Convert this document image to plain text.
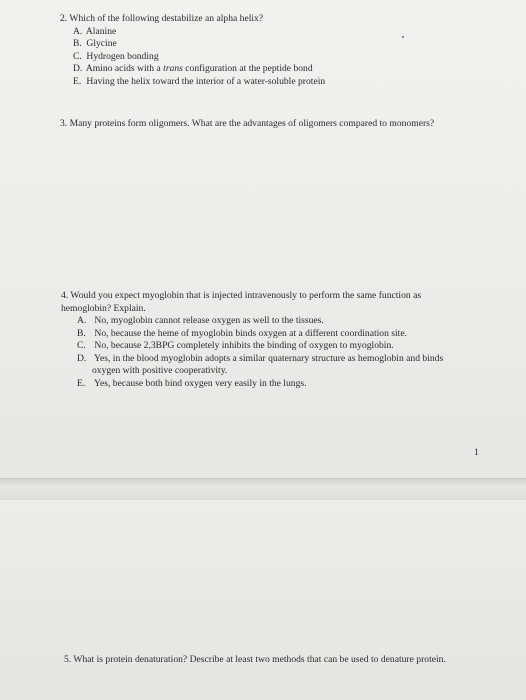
2. Which of the following destabilize an alpha helix?
A. Alanine
B. Glycine
C. Hydrogen bonding
D. Amino acids with a trans configuration at the peptide bond
E. Having the helix toward the interior of a water-soluble protein
3. Many proteins form oligomers. What are the advantages of oligomers compared to monomers?
4. Would you expect myoglobin that is injected intravenously to perform the same function as
hemoglobin? Explain.
A. No, myoglobin cannot release oxygen as well to the tissues.
B. No, because the heme of myoglobin binds oxygen at a different coordination site.
C. No, because 2,3BPG completely inhibits the binding of oxygen to myoglobin.
D. Yes, in the blood myoglobin adopts a similar quaternary structure as hemoglobin and binds
oxygen with positive cooperativity.
E. Yes, because both bind oxygen very easily in the lungs.
1
5. What is protein denaturation? Describe at least two methods that can be used to denature protein.
